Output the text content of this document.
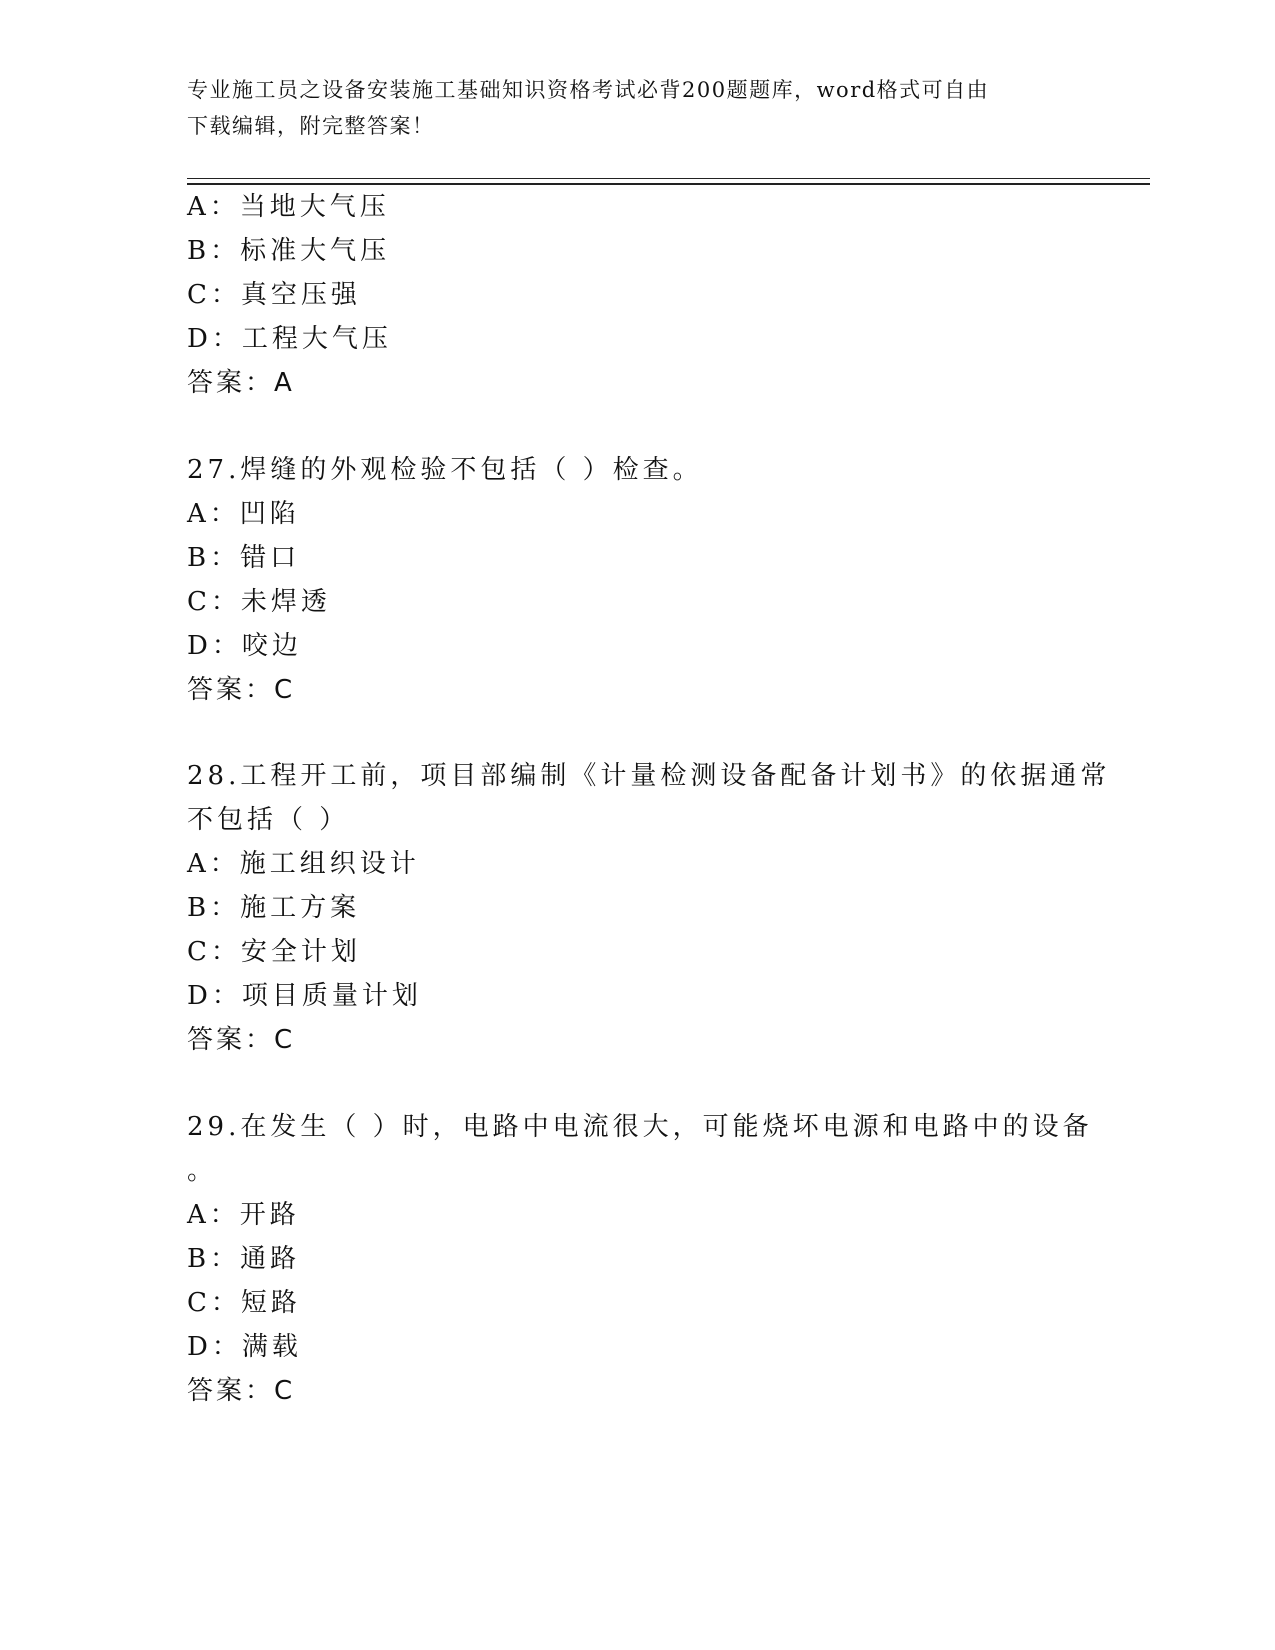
专业施工员之设备安装施工基础知识资格考试必背200题题库，word格式可自由
下载编辑，附完整答案！
A：当地大气压
B：标准大气压
C：真空压强
D：工程大气压
答案：A
27.焊缝的外观检验不包括（ ）检查。
A：凹陷
B：错口
C：未焊透
D：咬边
答案：C
28.工程开工前，项目部编制《计量检测设备配备计划书》的依据通常
不包括（ ）
A：施工组织设计
B：施工方案
C：安全计划
D：项目质量计划
答案：C
29.在发生（ ）时，电路中电流很大，可能烧坏电源和电路中的设备
。
A：开路
B：通路
C：短路
D：满载
答案：C
